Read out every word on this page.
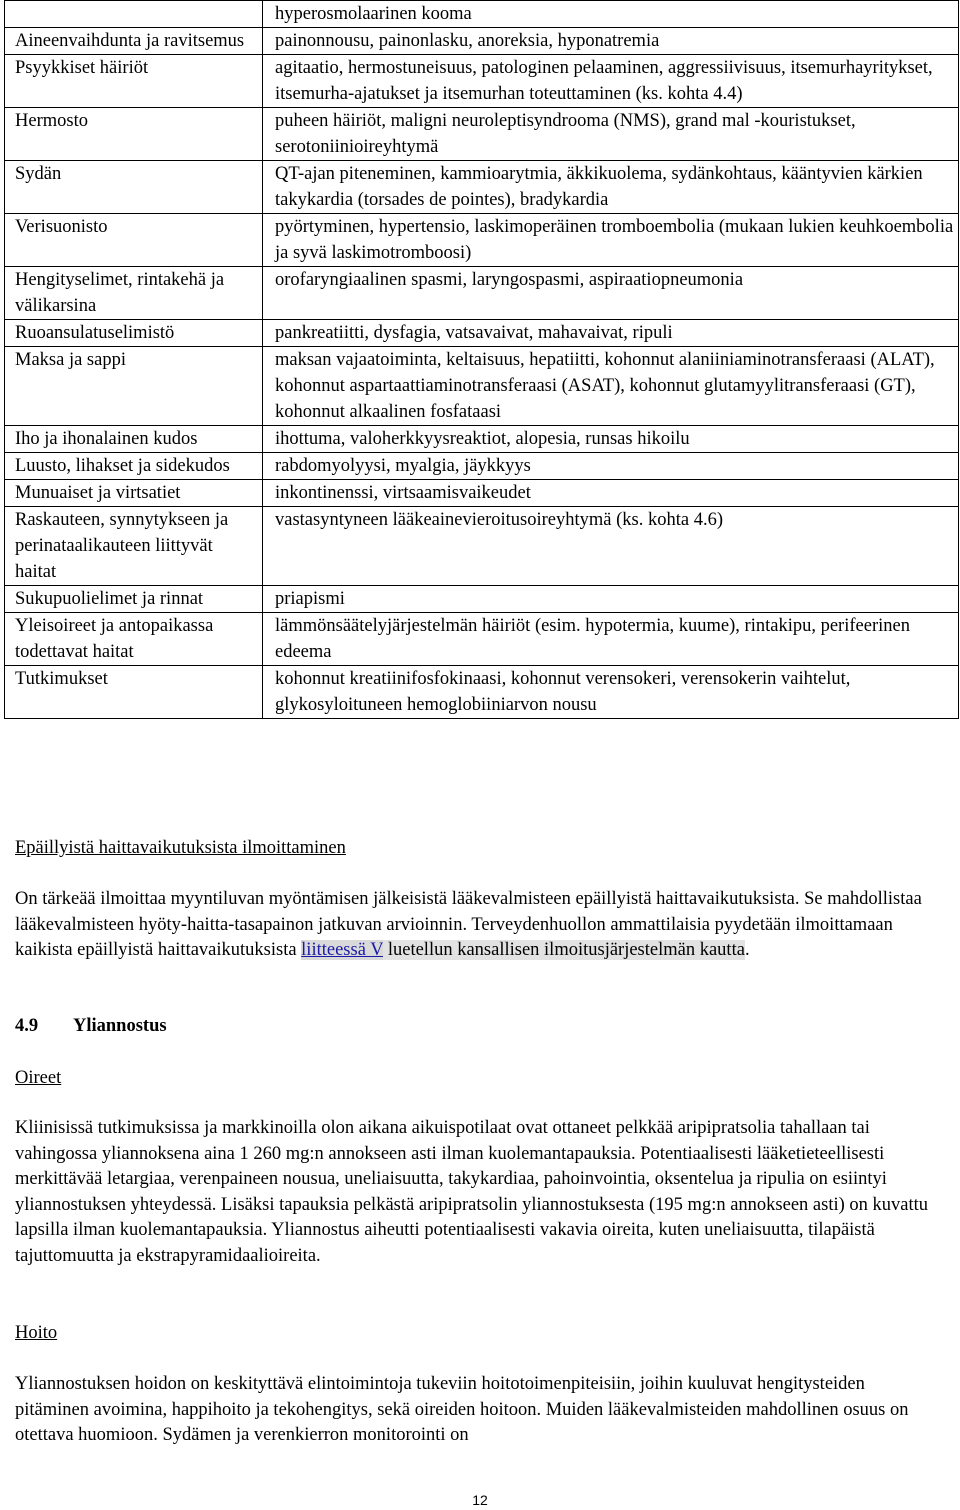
	hyperosmolaarinen kooma
Aineenvaihdunta ja ravitsemus	painonnousu, painonlasku, anoreksia, hyponatremia
Psyykkiset häiriöt	agitaatio, hermostuneisuus, patologinen pelaaminen, aggressiivisuus, itsemurhayritykset, itsemurha-ajatukset ja itsemurhan toteuttaminen (ks. kohta 4.4)
Hermosto	puheen häiriöt, maligni neuroleptisyndrooma (NMS), grand mal -kouristukset, serotoniinioireyhtymä
Sydän	QT-ajan piteneminen, kammioarytmia, äkkikuolema, sydänkohtaus, kääntyvien kärkien takykardia (torsades de pointes), bradykardia
Verisuonisto	pyörtyminen, hypertensio, laskimoperäinen tromboembolia (mukaan lukien keuhkoembolia ja syvä laskimotromboosi)
Hengityselimet, rintakehä ja välikarsina	orofaryngiaalinen spasmi, laryngospasmi, aspiraatiopneumonia
Ruoansulatuselimistö	pankreatiitti, dysfagia, vatsavaivat, mahavaivat, ripuli
Maksa ja sappi	maksan vajaatoiminta, keltaisuus, hepatiitti, kohonnut alaniiniaminotransferaasi (ALAT), kohonnut aspartaattiaminotransferaasi (ASAT), kohonnut glutamyylitransferaasi (GT), kohonnut alkaalinen fosfataasi
Iho ja ihonalainen kudos	ihottuma, valoherkkyysreaktiot, alopesia, runsas hikoilu
Luusto, lihakset ja sidekudos	rabdomyolyysi, myalgia, jäykkyys
Munuaiset ja virtsatiet	inkontinenssi, virtsaamisvaikeudet
Raskauteen, synnytykseen ja perinataalikauteen liittyvät haitat	vastasyntyneen lääkeainevieroitusoireyhtymä (ks. kohta 4.6)
Sukupuolielimet ja rinnat	priapismi
Yleisoireet ja antopaikassa todettavat haitat	lämmönsäätelyjärjestelmän häiriöt (esim. hypotermia, kuume), rintakipu, perifeerinen edeema
Tutkimukset	kohonnut kreatiinifosfokinaasi, kohonnut verensokeri, verensokerin vaihtelut, glykosyloituneen hemoglobiiniarvon nousu
Epäillyistä haittavaikutuksista ilmoittaminen
On tärkeää ilmoittaa myyntiluvan myöntämisen jälkeisistä lääkevalmisteen epäillyistä haittavaikutuksista. Se mahdollistaa lääkevalmisteen hyöty-haitta-tasapainon jatkuvan arvioinnin. Terveydenhuollon ammattilaisia pyydetään ilmoittamaan kaikista epäillyistä haittavaikutuksista liitteessä V luetellun kansallisen ilmoitusjärjestelmän kautta.
4.9 Yliannostus
Oireet
Kliinisissä tutkimuksissa ja markkinoilla olon aikana aikuispotilaat ovat ottaneet pelkkää aripipratsolia tahallaan tai vahingossa yliannoksena aina 1 260 mg:n annokseen asti ilman kuolemantapauksia. Potentiaalisesti lääketieteellisesti merkittävää letargiaa, verenpaineen nousua, uneliaisuutta, takykardiaa, pahoinvointia, oksentelua ja ripulia on esiintyi yliannostuksen yhteydessä. Lisäksi tapauksia pelkästä aripipratsolin yliannostuksesta (195 mg:n annokseen asti) on kuvattu lapsilla ilman kuolemantapauksia. Yliannostus aiheutti potentiaalisesti vakavia oireita, kuten uneliaisuutta, tilapäistä tajuttomuutta ja ekstrapyramidaalioireita.
Hoito
Yliannostuksen hoidon on keskityttävä elintoimintoja tukeviin hoitotoimenpiteisiin, joihin kuuluvat hengitysteiden pitäminen avoimina, happihoito ja tekohengitys, sekä oireiden hoitoon. Muiden lääkevalmisteiden mahdollinen osuus on otettava huomioon. Sydämen ja verenkierron monitorointi on
12
